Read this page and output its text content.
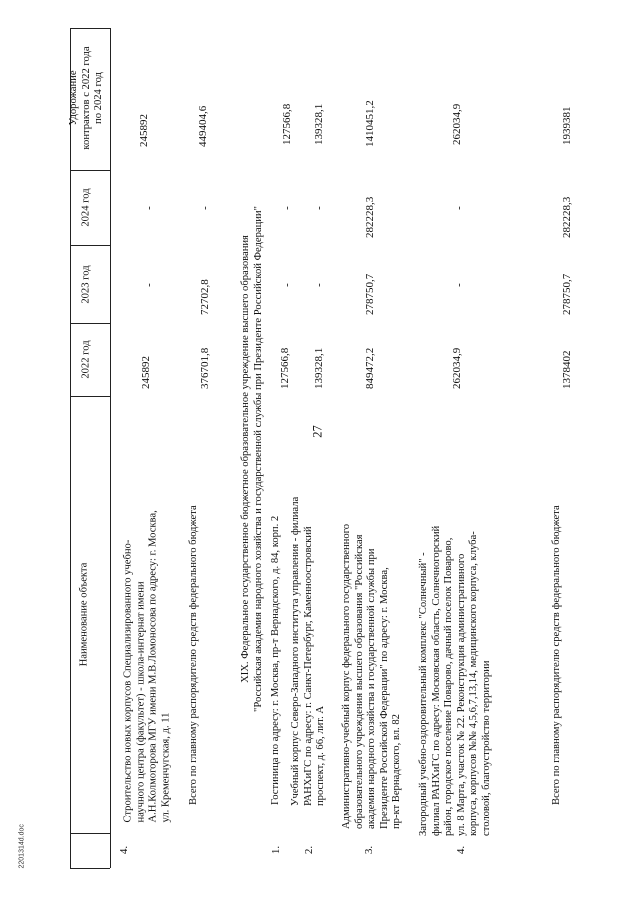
27
2201314d.doc
Удорожание
контрактов с 2022 года
по 2024 год
2024 год
2023 год
2022 год
Наименование объекта
4.
Строительство новых корпусов Специализированного учебно-
научного центра (факультет) - школа-интернат имени
А.Н.Колмогорова МГУ имени М.В.Ломоносова по адресу: г. Москва,
ул. Кременчугская, д. 11
245892
-
-
245892
Всего по главному распорядителю средств федерального бюджета
376701,8
72702,8
-
449404,6
XIX. Федеральное государственное бюджетное образовательное учреждение высшего образования
"Российская академия народного хозяйства и государственной службы при Президенте Российской Федерации"
1.
Гостиница по адресу: г. Москва, пр-т Вернадского, д. 84, корп. 2
127566,8
-
-
127566,8
2.
Учебный корпус Северо-Западного института управления - филиала
РАНХиГС по адресу: г. Санкт-Петербург, Каменноостровский
проспект, д. 66, лит. А
139328,1
-
-
139328,1
3.
Административно-учебный корпус федерального государственного
образовательного учреждения высшего образования "Российская
академия народного хозяйства и государственной службы при
Президенте Российской Федерации" по адресу: г. Москва,
пр-кт Вернадского, вл. 82
849472,2
278750,7
282228,3
1410451,2
4.
Загородный учебно-оздоровительный комплекс "Солнечный" -
филиал РАНХиГС по адресу: Московская область, Солнечногорский
район, городское поселение Поварово, дачный поселок Поварово,
ул. 8 Марта, участок № 22. Реконструкция административного
корпуса, корпусов №№ 4,5,6,7,13,14, медицинского корпуса, клуба-
столовой, благоустройство территории
262034,9
-
-
262034,9
Всего по главному распорядителю средств федерального бюджета
1378402
278750,7
282228,3
1939381
